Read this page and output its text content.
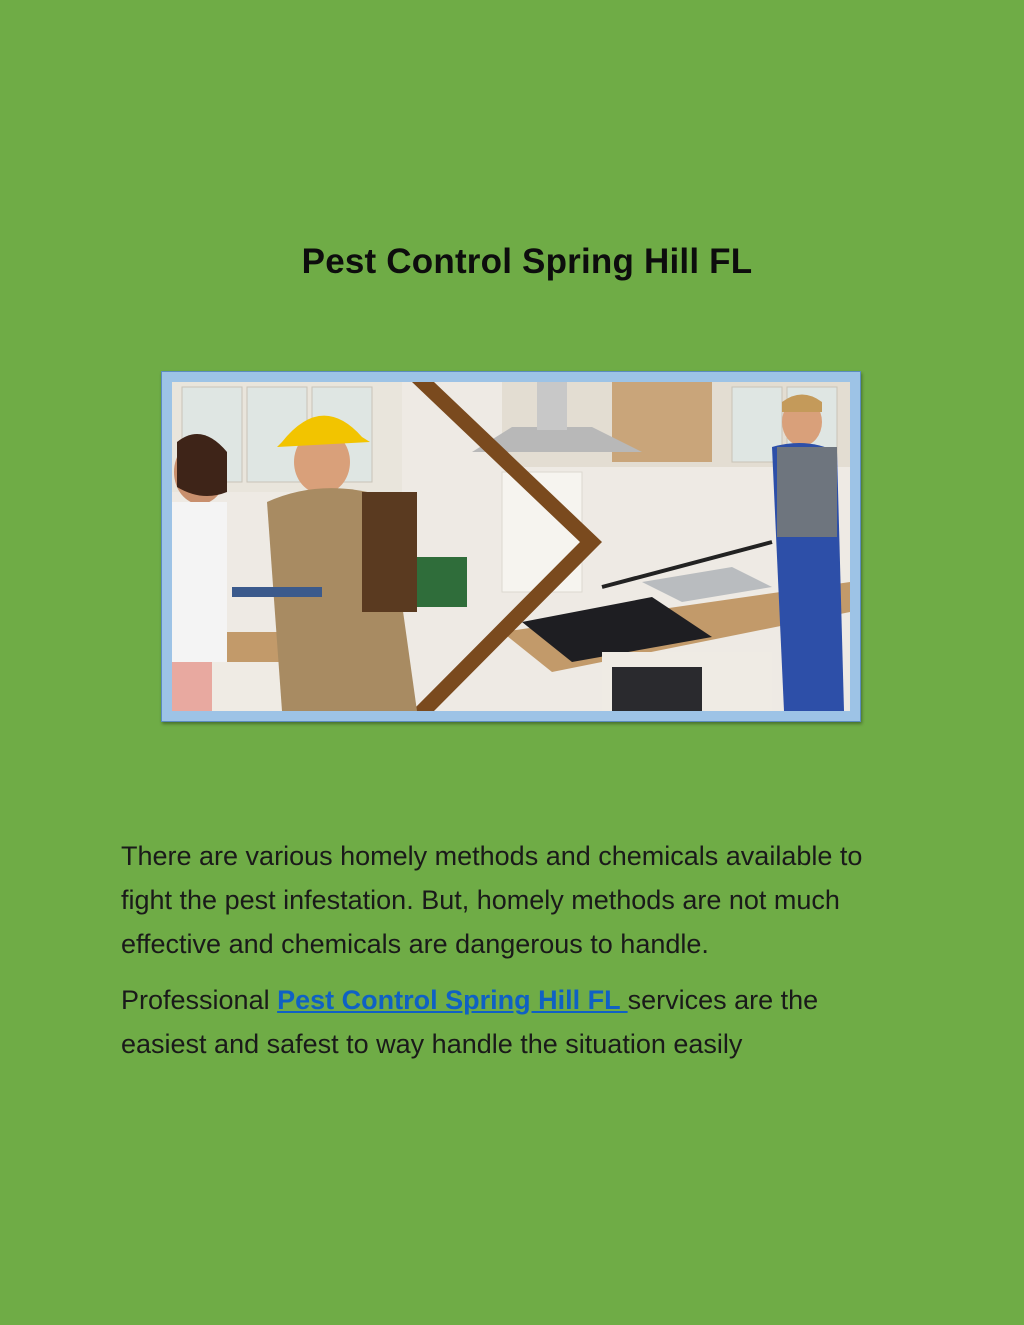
Pest Control Spring Hill FL

There are various homely methods and chemicals available to fight the pest infestation. But, homely methods are not much effective and chemicals are dangerous to handle.

Professional Pest Control Spring Hill FL services are the easiest and safest to way handle the situation easily
